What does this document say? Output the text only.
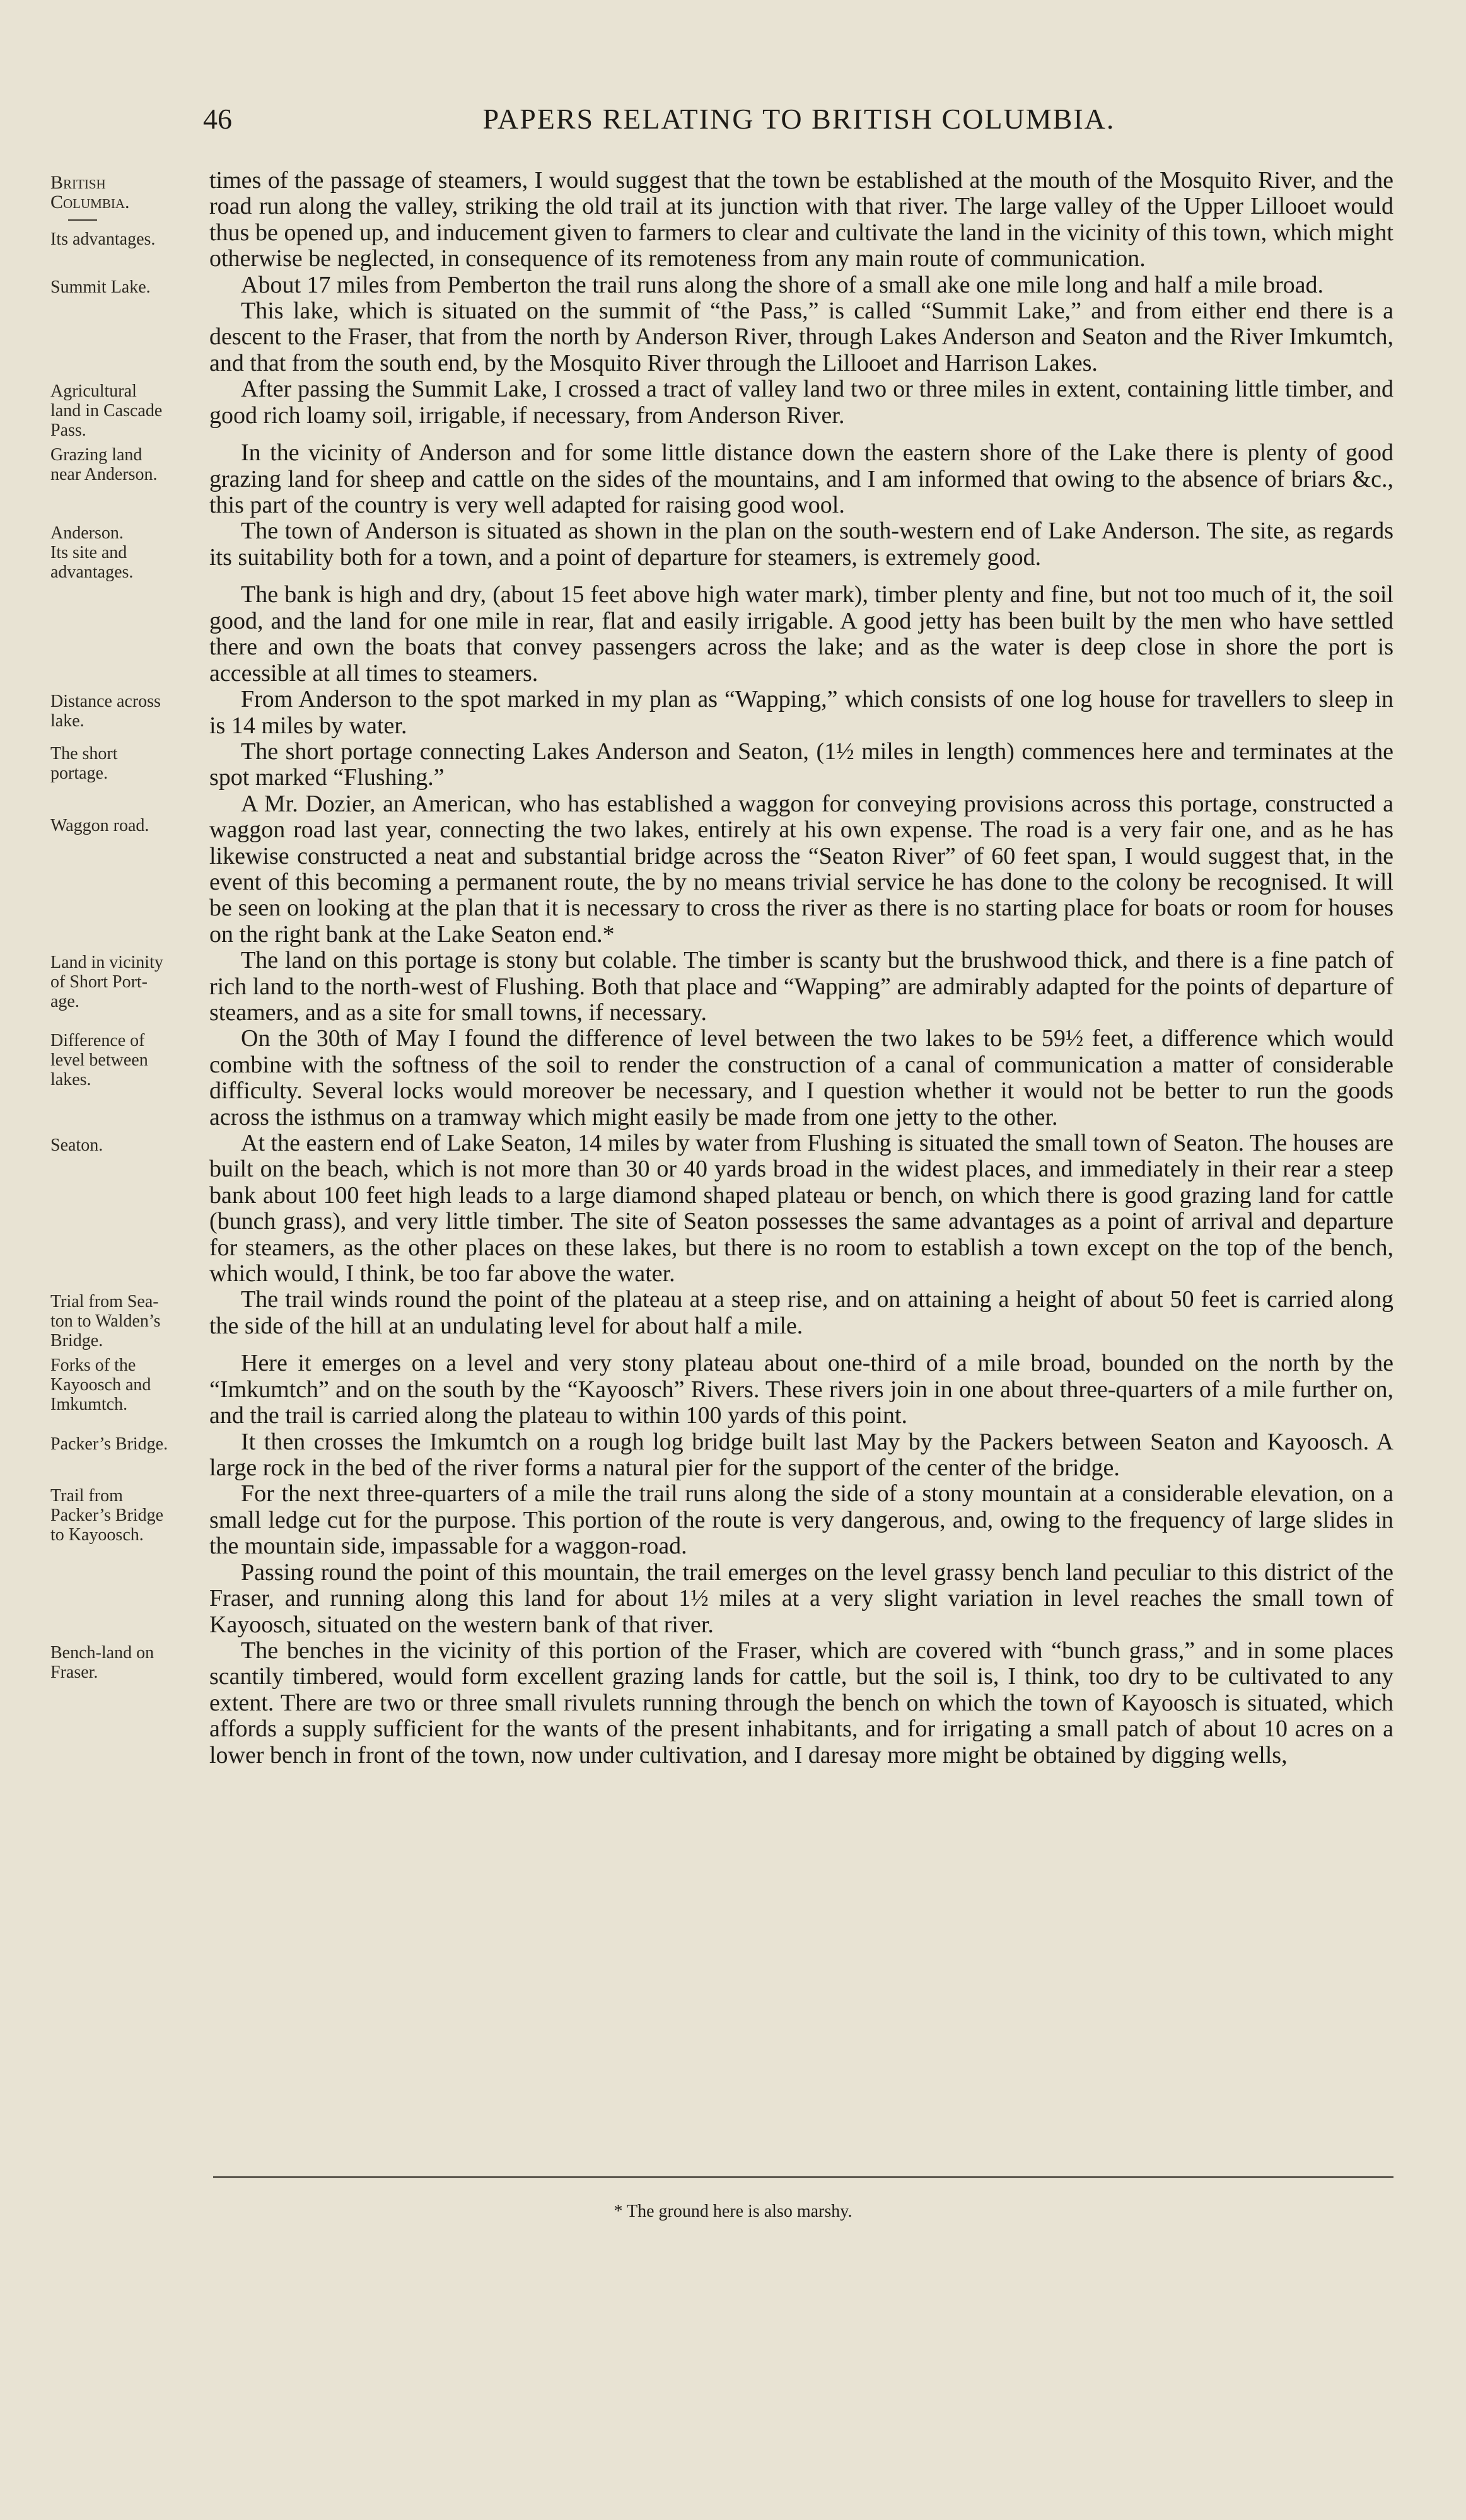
46	PAPERS RELATING TO BRITISH COLUMBIA.
British
Columbia.
Its advantages.

times of the passage of steamers, I would suggest that the town be established at the mouth of the Mosquito River, and the road run along the valley, striking the old trail at its junction with that river. The large valley of the Upper Lillooet would thus be opened up, and inducement given to farmers to clear and cultivate the land in the vicinity of this town, which might otherwise be neglected, in consequence of its remoteness from any main route of communication.

Summit Lake.	About 17 miles from Pemberton the trail runs along the shore of a small ake one mile long and half a mile broad.

This lake, which is situated on the summit of “the Pass,” is called “Summit Lake,” and from either end there is a descent to the Fraser, that from the north by Anderson River, through Lakes Anderson and Seaton and the River Imkumtch, and that from the south end, by the Mosquito River through the Lillooet and Harrison Lakes.

Agricultural
land in Cascade
Pass.

After passing the Summit Lake, I crossed a tract of valley land two or three miles in extent, containing little timber, and good rich loamy soil, irrigable, if necessary, from Anderson River.

Grazing land
near Anderson.

In the vicinity of Anderson and for some little distance down the eastern shore of the Lake there is plenty of good grazing land for sheep and cattle on the sides of the mountains, and I am informed that owing to the absence of briars &c., this part of the country is very well adapted for raising good wool.

Anderson.
Its site and
advantages.

The town of Anderson is situated as shown in the plan on the south-western end of Lake Anderson. The site, as regards its suitability both for a town, and a point of departure for steamers, is extremely good.

The bank is high and dry, (about 15 feet above high water mark), timber plenty and fine, but not too much of it, the soil good, and the land for one mile in rear, flat and easily irrigable. A good jetty has been built by the men who have settled there and own the boats that convey passengers across the lake; and as the water is deep close in shore the port is accessible at all times to steamers.

Distance across
lake.

From Anderson to the spot marked in my plan as “Wapping,” which consists of one log house for travellers to sleep in is 14 miles by water.

The short
portage.

The short portage connecting Lakes Anderson and Seaton, (1½ miles in length) commences here and terminates at the spot marked “Flushing.”

Waggon road.

A Mr. Dozier, an American, who has established a waggon for conveying provisions across this portage, constructed a waggon road last year, connecting the two lakes, entirely at his own expense. The road is a very fair one, and as he has likewise constructed a neat and substantial bridge across the “Seaton River” of 60 feet span, I would suggest that, in the event of this becoming a permanent route, the by no means trivial service he has done to the colony be recognised. It will be seen on looking at the plan that it is necessary to cross the river as there is no starting place for boats or room for houses on the right bank at the Lake Seaton end.*

Land in vicinity
of Short Port-
age.

The land on this portage is stony but colable. The timber is scanty but the brushwood thick, and there is a fine patch of rich land to the north-west of Flushing. Both that place and “Wapping” are admirably adapted for the points of departure of steamers, and as a site for small towns, if necessary.

Difference of
level between
lakes.

On the 30th of May I found the difference of level between the two lakes to be 59½ feet, a difference which would combine with the softness of the soil to render the construction of a canal of communication a matter of considerable difficulty. Several locks would moreover be necessary, and I question whether it would not be better to run the goods across the isthmus on a tramway which might easily be made from one jetty to the other.

Seaton.	At the eastern end of Lake Seaton, 14 miles by water from Flushing is situated the small town of Seaton. The houses are built on the beach, which is not more than 30 or 40 yards broad in the widest places, and immediately in their rear a steep bank about 100 feet high leads to a large diamond shaped plateau or bench, on which there is good grazing land for cattle (bunch grass), and very little timber. The site of Seaton possesses the same advantages as a point of arrival and departure for steamers, as the other places on these lakes, but there is no room to establish a town except on the top of the bench, which would, I think, be too far above the water.

Trial from Sea-
ton to Walden’s
Bridge.

The trail winds round the point of the plateau at a steep rise, and on attaining a height of about 50 feet is carried along the side of the hill at an undulating level for about half a mile.

Forks of the
Kayoosch and
Imkumtch.

Here it emerges on a level and very stony plateau about one-third of a mile broad, bounded on the north by the “Imkumtch” and on the south by the “Kayoosch” Rivers. These rivers join in one about three-quarters of a mile further on, and the trail is carried along the plateau to within 100 yards of this point.

Packer’s Bridge.	It then crosses the Imkumtch on a rough log bridge built last May by the Packers between Seaton and Kayoosch. A large rock in the bed of the river forms a natural pier for the support of the center of the bridge.

Trail from
Packer’s Bridge
to Kayoosch.

For the next three-quarters of a mile the trail runs along the side of a stony mountain at a considerable elevation, on a small ledge cut for the purpose. This portion of the route is very dangerous, and, owing to the frequency of large slides in the mountain side, impassable for a waggon-road.

Passing round the point of this mountain, the trail emerges on the level grassy bench land peculiar to this district of the Fraser, and running along this land for about 1½ miles at a very slight variation in level reaches the small town of Kayoosch, situated on the western bank of that river.

Bench-land on
Fraser.

The benches in the vicinity of this portion of the Fraser, which are covered with “bunch grass,” and in some places scantily timbered, would form excellent grazing lands for cattle, but the soil is, I think, too dry to be cultivated to any extent. There are two or three small rivulets running through the bench on which the town of Kayoosch is situated, which affords a supply sufficient for the wants of the present inhabitants, and for irrigating a small patch of about 10 acres on a lower bench in front of the town, now under cultivation, and I daresay more might be obtained by digging wells,

* The ground here is also marshy.
